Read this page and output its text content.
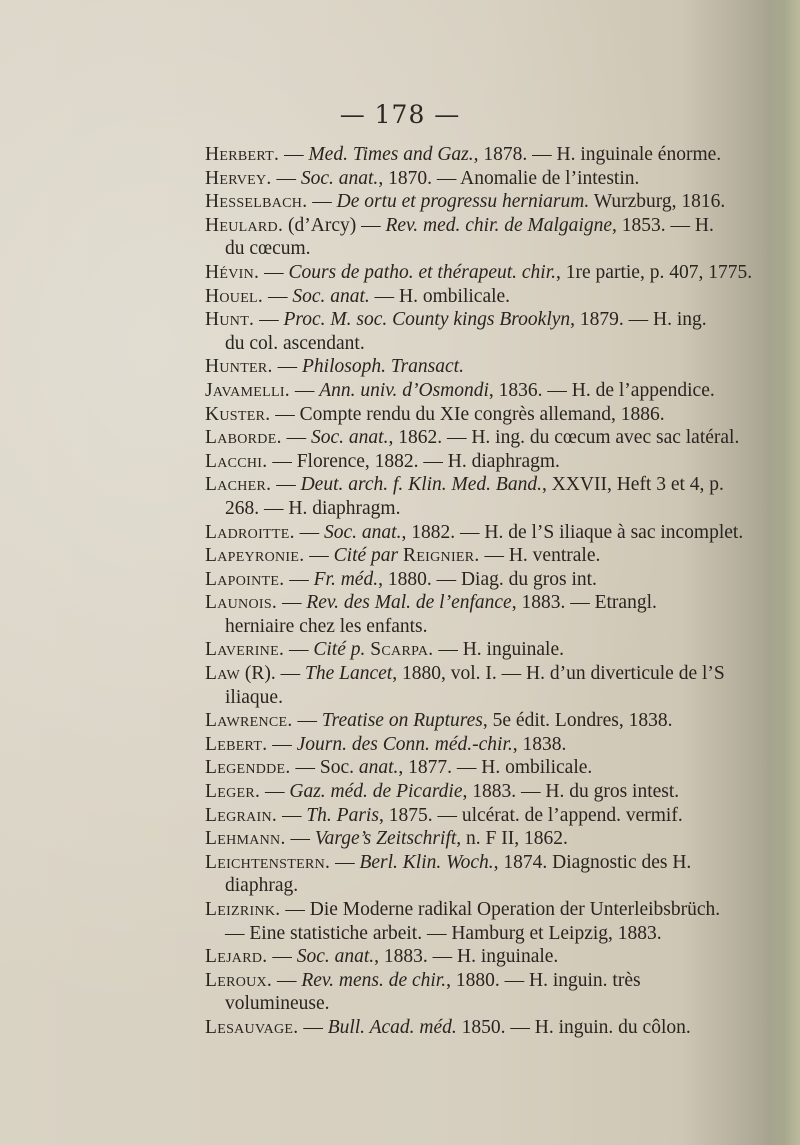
— 178 —

Herbert. — Med. Times and Gaz., 1878. — H. inguinale énorme.

Hervey. — Soc. anat., 1870. — Anomalie de l’intestin.

Hesselbach. — De ortu et progressu herniarum. Wurzburg, 1816.

Heulard. (d’Arcy) — Rev. med. chir. de Malgaigne, 1853. — H. du cœcum.

Hévin. — Cours de patho. et thérapeut. chir., 1re partie, p. 407, 1775.

Houel. — Soc. anat. — H. ombilicale.

Hunt. — Proc. M. soc. County kings Brooklyn, 1879. — H. ing. du col. ascendant.

Hunter. — Philosoph. Transact.

Javamelli. — Ann. univ. d’Osmondi, 1836. — H. de l’appendice.

Kuster. — Compte rendu du XIe congrès allemand, 1886.

Laborde. — Soc. anat., 1862. — H. ing. du cœcum avec sac latéral.

Lacchi. — Florence, 1882. — H. diaphragm.

Lacher. — Deut. arch. f. Klin. Med. Band., XXVII, Heft 3 et 4, p. 268. — H. diaphragm.

Ladroitte. — Soc. anat., 1882. — H. de l’S iliaque à sac incomplet.

Lapeyronie. — Cité par Reignier. — H. ventrale.

Lapointe. — Fr. méd., 1880. — Diag. du gros int.

Launois. — Rev. des Mal. de l’enfance, 1883. — Etrangl. herniaire chez les enfants.

Laverine. — Cité p. Scarpa. — H. inguinale.

Law (R). — The Lancet, 1880, vol. I. — H. d’un diverticule de l’S iliaque.

Lawrence. — Treatise on Ruptures, 5e édit. Londres, 1838.

Lebert. — Journ. des Conn. méd.-chir., 1838.

Legendde. — Soc. anat., 1877. — H. ombilicale.

Leger. — Gaz. méd. de Picardie, 1883. — H. du gros intest.

Legrain. — Th. Paris, 1875. — ulcérat. de l’append. vermif.

Lehmann. — Varge’s Zeitschrift, n. F II, 1862.

Leichtenstern. — Berl. Klin. Woch., 1874. Diagnostic des H. diaphrag.

Leizrink. — Die Moderne radikal Operation der Unterleibsbrüch. — Eine statistiche arbeit. — Hamburg et Leipzig, 1883.

Lejard. — Soc. anat., 1883. — H. inguinale.

Leroux. — Rev. mens. de chir., 1880. — H. inguin. très volumineuse.

Lesauvage. — Bull. Acad. méd. 1850. — H. inguin. du côlon.
